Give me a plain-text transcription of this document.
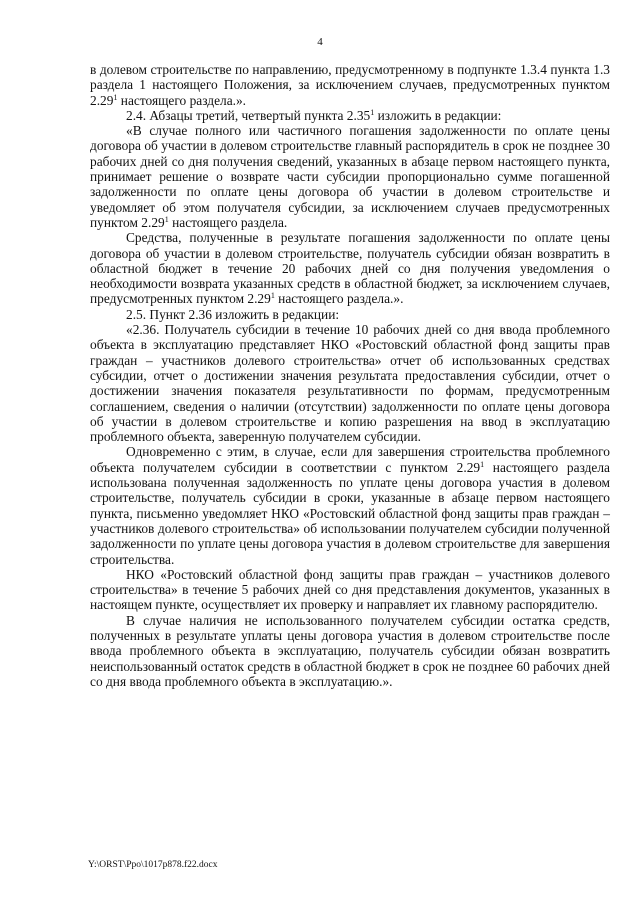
4

в долевом строительстве по направлению, предусмотренному в подпункте 1.3.4 пункта 1.3 раздела 1 настоящего Положения, за исключением случаев, предусмотренных пунктом 2.29$^1$ настоящего раздела.».

2.4. Абзацы третий, четвертый пункта 2.35$^1$ изложить в редакции:

«В случае полного или частичного погашения задолженности по оплате цены договора об участии в долевом строительстве главный распорядитель в срок не позднее 30 рабочих дней со дня получения сведений, указанных в абзаце первом настоящего пункта, принимает решение о возврате части субсидии пропорционально сумме погашенной задолженности по оплате цены договора об участии в долевом строительстве и уведомляет об этом получателя субсидии, за исключением случаев предусмотренных пунктом 2.29$^1$ настоящего раздела.

Средства, полученные в результате погашения задолженности по оплате цены договора об участии в долевом строительстве, получатель субсидии обязан возвратить в областной бюджет в течение 20 рабочих дней со дня получения уведомления о необходимости возврата указанных средств в областной бюджет, за исключением случаев, предусмотренных пунктом 2.29$^1$ настоящего раздела.».

2.5. Пункт 2.36 изложить в редакции:

«2.36. Получатель субсидии в течение 10 рабочих дней со дня ввода проблемного объекта в эксплуатацию представляет НКО «Ростовский областной фонд защиты прав граждан – участников долевого строительства» отчет об использованных средствах субсидии, отчет о достижении значения результата предоставления субсидии, отчет о достижении значения показателя результативности по формам, предусмотренным соглашением, сведения о наличии (отсутствии) задолженности по оплате цены договора об участии в долевом строительстве и копию разрешения на ввод в эксплуатацию проблемного объекта, заверенную получателем субсидии.

Одновременно с этим, в случае, если для завершения строительства проблемного объекта получателем субсидии в соответствии с пунктом 2.29$^1$ настоящего раздела использована полученная задолженность по уплате цены договора участия в долевом строительстве, получатель субсидии в сроки, указанные в абзаце первом настоящего пункта, письменно уведомляет НКО «Ростовский областной фонд защиты прав граждан – участников долевого строительства» об использовании получателем субсидии полученной задолженности по уплате цены договора участия в долевом строительстве для завершения строительства.

НКО «Ростовский областной фонд защиты прав граждан – участников долевого строительства» в течение 5 рабочих дней со дня представления документов, указанных в настоящем пункте, осуществляет их проверку и направляет их главному распорядителю.

В случае наличия не использованного получателем субсидии остатка средств, полученных в результате уплаты цены договора участия в долевом строительстве после ввода проблемного объекта в эксплуатацию, получатель субсидии обязан возвратить неиспользованный остаток средств в областной бюджет в срок не позднее 60 рабочих дней со дня ввода проблемного объекта в эксплуатацию.».

Y:\ORST\Ppo\1017p878.f22.docx
